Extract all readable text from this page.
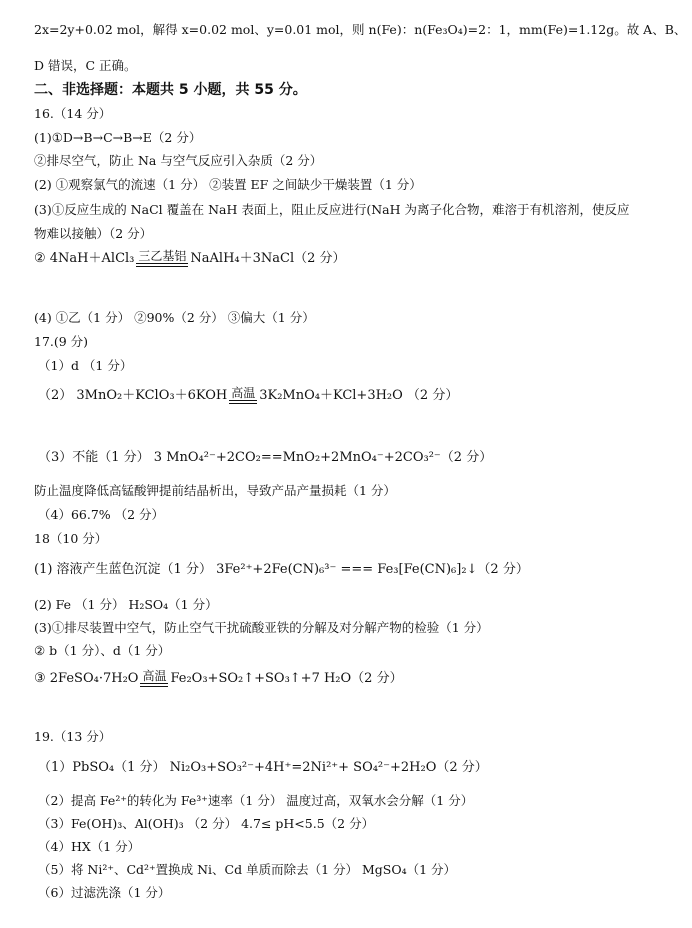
2x=2y+0.02 mol，解得 x=0.02 mol、y=0.01 mol，则 n(Fe)：n(Fe₃O₄)=2：1，mm(Fe)=1.12g。故 A、B、
D 错误，C 正确。
二、非选择题：本题共 5 小题，共 55 分。
16.（14 分）
(1)①D→B→C→B→E（2 分）
②排尽空气，防止 Na 与空气反应引入杂质（2 分）
(2) ①观察氯气的流速（1 分） ②装置 EF 之间缺少干燥装置（1 分）
(3)①反应生成的 NaCl 覆盖在 NaH 表面上，阻止反应进行(NaH 为离子化合物，难溶于有机溶剂，使反应
物难以接触）（2 分）
② 4NaH＋AlCl₃ 三乙基铝 NaAlH₄＋3NaCl（2 分）
(4) ①乙（1 分） ②90%（2 分） ③偏大（1 分）
17.(9 分)
（1）d （1 分）
（2） 3MnO₂＋KClO₃＋6KOH 高温 3K₂MnO₄＋KCl+3H₂O （2 分）
（3）不能（1 分） 3 MnO₄²⁻+2CO₂==MnO₂+2MnO₄⁻+2CO₃²⁻（2 分）
防止温度降低高锰酸钾提前结晶析出，导致产品产量损耗（1 分）
（4）66.7% （2 分）
18（10 分）
(1) 溶液产生蓝色沉淀（1 分） 3Fe²⁺+2Fe(CN)₆³⁻ === Fe₃[Fe(CN)₆]₂↓（2 分）
(2) Fe （1 分） H₂SO₄（1 分）
(3)①排尽装置中空气，防止空气干扰硫酸亚铁的分解及对分解产物的检验（1 分）
② b（1 分）、d（1 分）
③ 2FeSO₄·7H₂O 高温 Fe₂O₃+SO₂↑+SO₃↑+7 H₂O（2 分）
19.（13 分）
（1）PbSO₄（1 分） Ni₂O₃+SO₃²⁻+4H⁺=2Ni²⁺+ SO₄²⁻+2H₂O（2 分）
（2）提高 Fe²⁺的转化为 Fe³⁺速率（1 分） 温度过高，双氧水会分解（1 分）
（3）Fe(OH)₃、Al(OH)₃ （2 分） 4.7≤ pH<5.5（2 分）
（4）HX（1 分）
（5）将 Ni²⁺、Cd²⁺置换成 Ni、Cd 单质而除去（1 分） MgSO₄（1 分）
（6）过滤洗涤（1 分）
